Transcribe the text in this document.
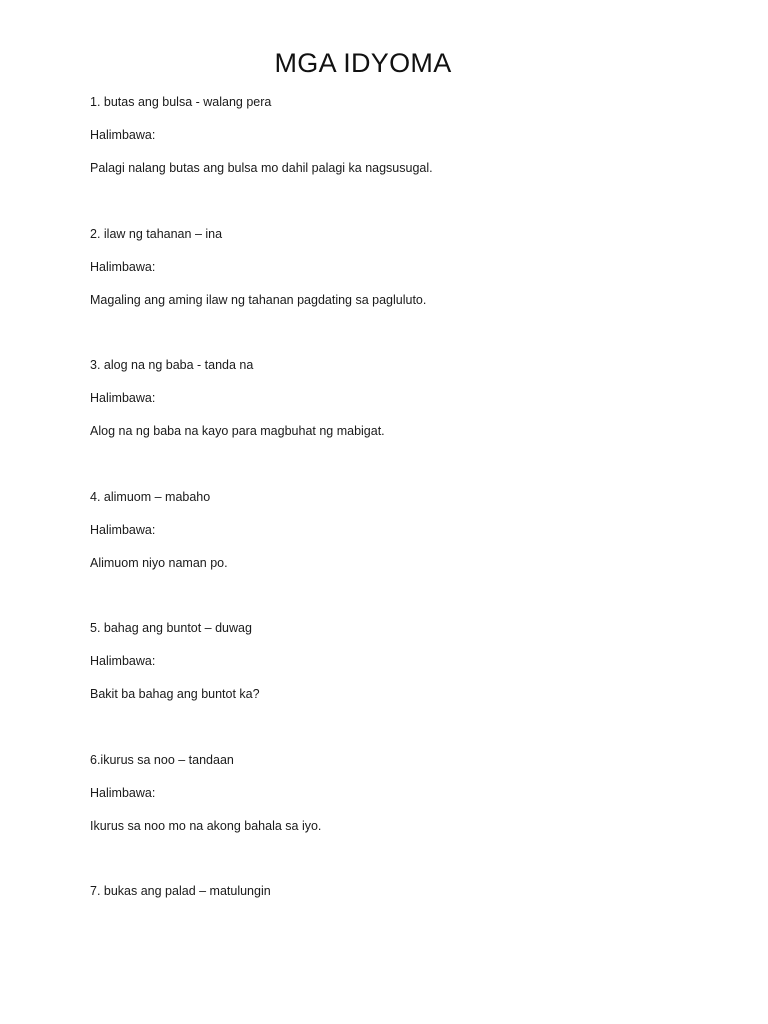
MGA IDYOMA
1. butas ang bulsa - walang pera
Halimbawa:
Palagi nalang butas ang bulsa mo dahil palagi ka nagsusugal.
2. ilaw ng tahanan – ina
Halimbawa:
Magaling ang aming ilaw ng tahanan pagdating sa pagluluto.
3. alog na ng baba - tanda na
Halimbawa:
Alog na ng baba na kayo para magbuhat ng mabigat.
4. alimuom – mabaho
Halimbawa:
Alimuom niyo naman po.
5. bahag ang buntot – duwag
Halimbawa:
Bakit ba bahag ang buntot ka?
6.ikurus sa noo – tandaan
Halimbawa:
Ikurus sa noo mo na akong bahala sa iyo.
7. bukas ang palad – matulungin
